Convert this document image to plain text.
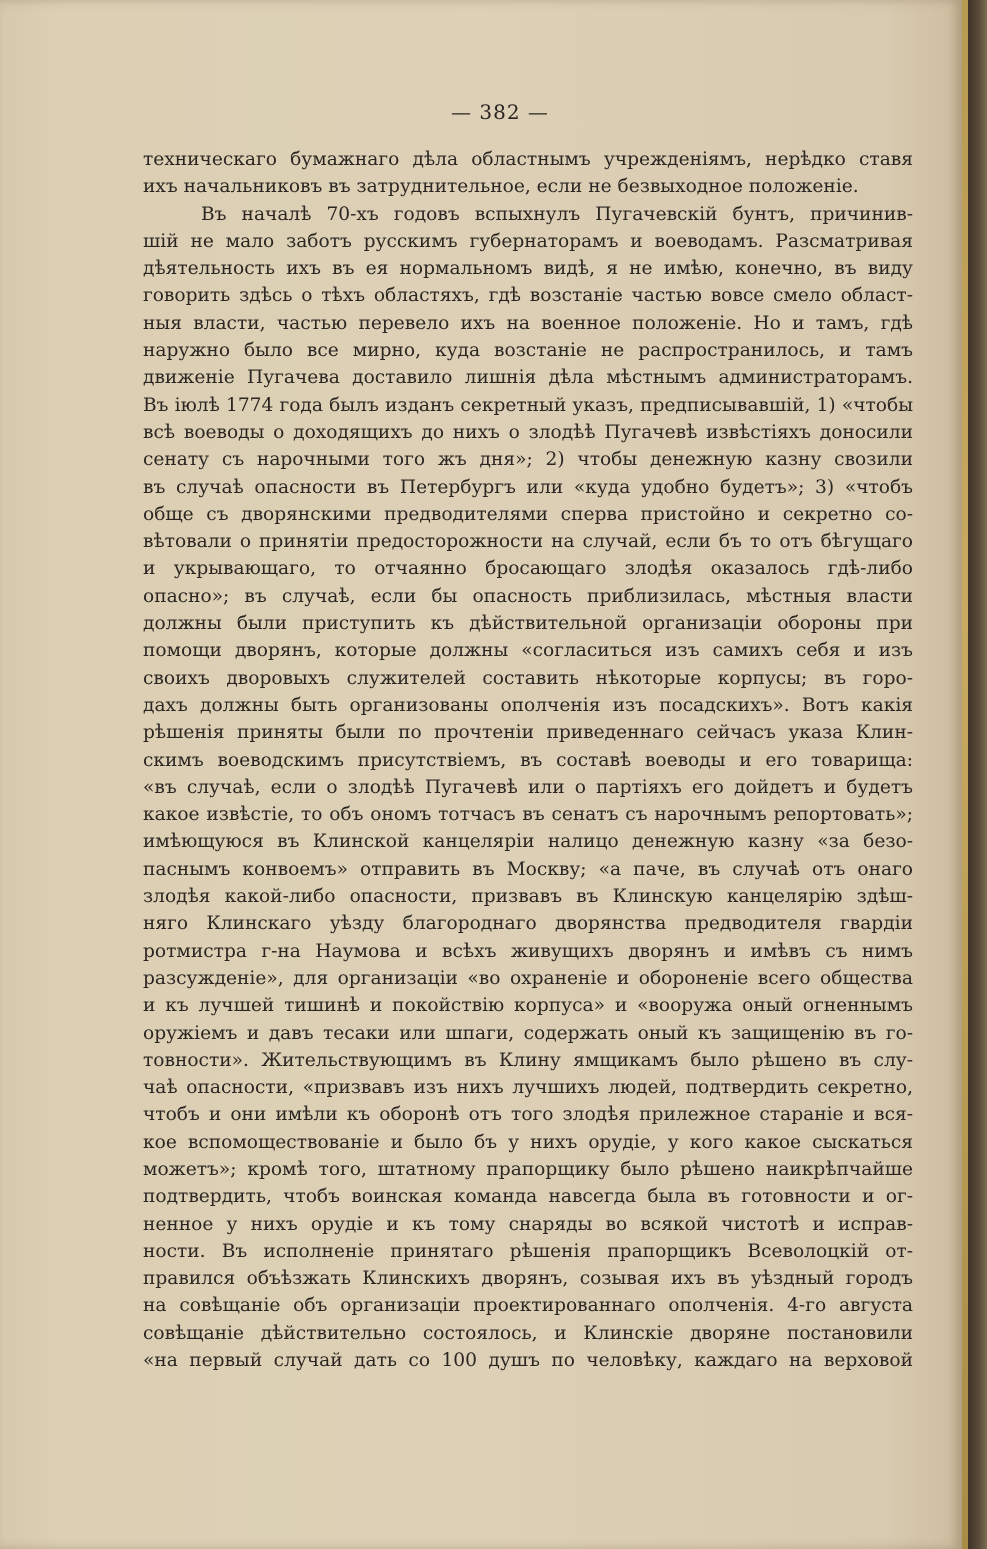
— 382 —
техническаго бумажнаго дѣла областнымъ учрежденіямъ, нерѣдко ставя
ихъ начальниковъ въ затруднительное, если не безвыходное положеніе.
Въ началѣ 70-хъ годовъ вспыхнулъ Пугачевскій бунтъ, причинив-
шій не мало заботъ русскимъ губернаторамъ и воеводамъ. Разсматривая
дѣятельность ихъ въ ея нормальномъ видѣ, я не имѣю, конечно, въ виду
говорить здѣсь о тѣхъ областяхъ, гдѣ возстаніе частью вовсе смело област-
ныя власти, частью перевело ихъ на военное положеніе. Но и тамъ, гдѣ
наружно было все мирно, куда возстаніе не распространилось, и тамъ
движеніе Пугачева доставило лишнія дѣла мѣстнымъ администраторамъ.
Въ іюлѣ 1774 года былъ изданъ секретный указъ, предписывавшій, 1) «чтобы
всѣ воеводы о доходящихъ до нихъ о злодѣѣ Пугачевѣ извѣстіяхъ доносили
сенату съ нарочными того жъ дня»; 2) чтобы денежную казну свозили
въ случаѣ опасности въ Петербургъ или «куда удобно будетъ»; 3) «чтобъ
обще съ дворянскими предводителями сперва пристойно и секретно со-
вѣтовали о принятіи предосторожности на случай, если бъ то отъ бѣгущаго
и укрывающаго, то отчаянно бросающаго злодѣя оказалось гдѣ-либо
опасно»; въ случаѣ, если бы опасность приблизилась, мѣстныя власти
должны были приступить къ дѣйствительной организаціи обороны при
помощи дворянъ, которые должны «согласиться изъ самихъ себя и изъ
своихъ дворовыхъ служителей составить нѣкоторые корпусы; въ горо-
дахъ должны быть организованы ополченія изъ посадскихъ». Вотъ какія
рѣшенія приняты были по прочтеніи приведеннаго сейчасъ указа Клин-
скимъ воеводскимъ присутствіемъ, въ составѣ воеводы и его товарища:
«въ случаѣ, если о злодѣѣ Пугачевѣ или о партіяхъ его дойдетъ и будетъ
какое извѣстіе, то объ ономъ тотчасъ въ сенатъ съ нарочнымъ репортовать»;
имѣющуюся въ Клинской канцеляріи налицо денежную казну «за безо-
паснымъ конвоемъ» отправить въ Москву; «а паче, въ случаѣ отъ онаго
злодѣя какой-либо опасности, призвавъ въ Клинскую канцелярію здѣш-
няго Клинскаго уѣзду благороднаго дворянства предводителя гвардіи
ротмистра г-на Наумова и всѣхъ живущихъ дворянъ и имѣвъ съ нимъ
разсужденіе», для организаціи «во охраненіе и обороненіе всего общества
и къ лучшей тишинѣ и покойствію корпуса» и «вооружа оный огненнымъ
оружіемъ и давъ тесаки или шпаги, содержать оный къ защищенію въ го-
товности». Жительствующимъ въ Клину ямщикамъ было рѣшено въ слу-
чаѣ опасности, «призвавъ изъ нихъ лучшихъ людей, подтвердить секретно,
чтобъ и они имѣли къ оборонѣ отъ того злодѣя прилежное стараніе и вся-
кое вспомоществованіе и было бъ у нихъ орудіе, у кого какое сыскаться
можетъ»; кромѣ того, штатному прапорщику было рѣшено наикрѣпчайше
подтвердить, чтобъ воинская команда навсегда была въ готовности и ог-
ненное у нихъ орудіе и къ тому снаряды во всякой чистотѣ и исправ-
ности. Въ исполненіе принятаго рѣшенія прапорщикъ Всеволоцкій от-
правился объѣзжать Клинскихъ дворянъ, созывая ихъ въ уѣздный городъ
на совѣщаніе объ организаціи проектированнаго ополченія. 4-го августа
совѣщаніе дѣйствительно состоялось, и Клинскіе дворяне постановили
«на первый случай дать со 100 душъ по человѣку, каждаго на верховой
